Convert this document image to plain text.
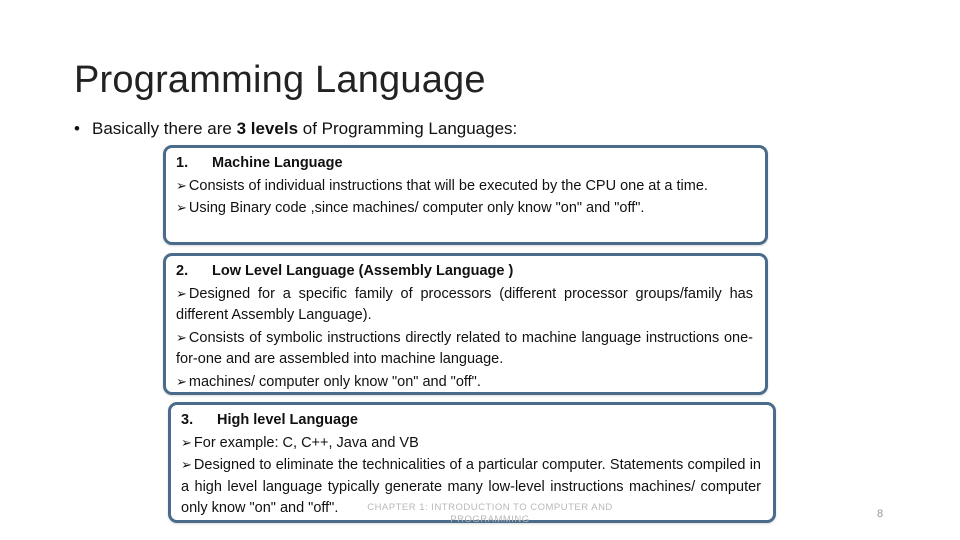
Programming Language
• Basically there are 3 levels of Programming Languages:
1. Machine Language

➢ Consists of individual instructions that will be executed by the CPU one at a time.

➢ Using Binary code ,since machines/ computer only know "on" and "off".

2. Low Level Language (Assembly Language )

➢ Designed for a specific family of processors (different processor groups/family has different Assembly Language).

➢ Consists of symbolic instructions directly related to machine language instructions one-for-one and are assembled into machine language.

➢ machines/ computer only know "on" and "off".

3. High level Language

➢ For example: C, C++, Java and VB

➢ Designed to eliminate the technicalities of a particular computer. Statements compiled in a high level language typically generate many low-level instructions machines/ computer only know "on" and "off".	CHAPTER 1: INTRODUCTION TO COMPUTER AND PROGRAMMING	8
